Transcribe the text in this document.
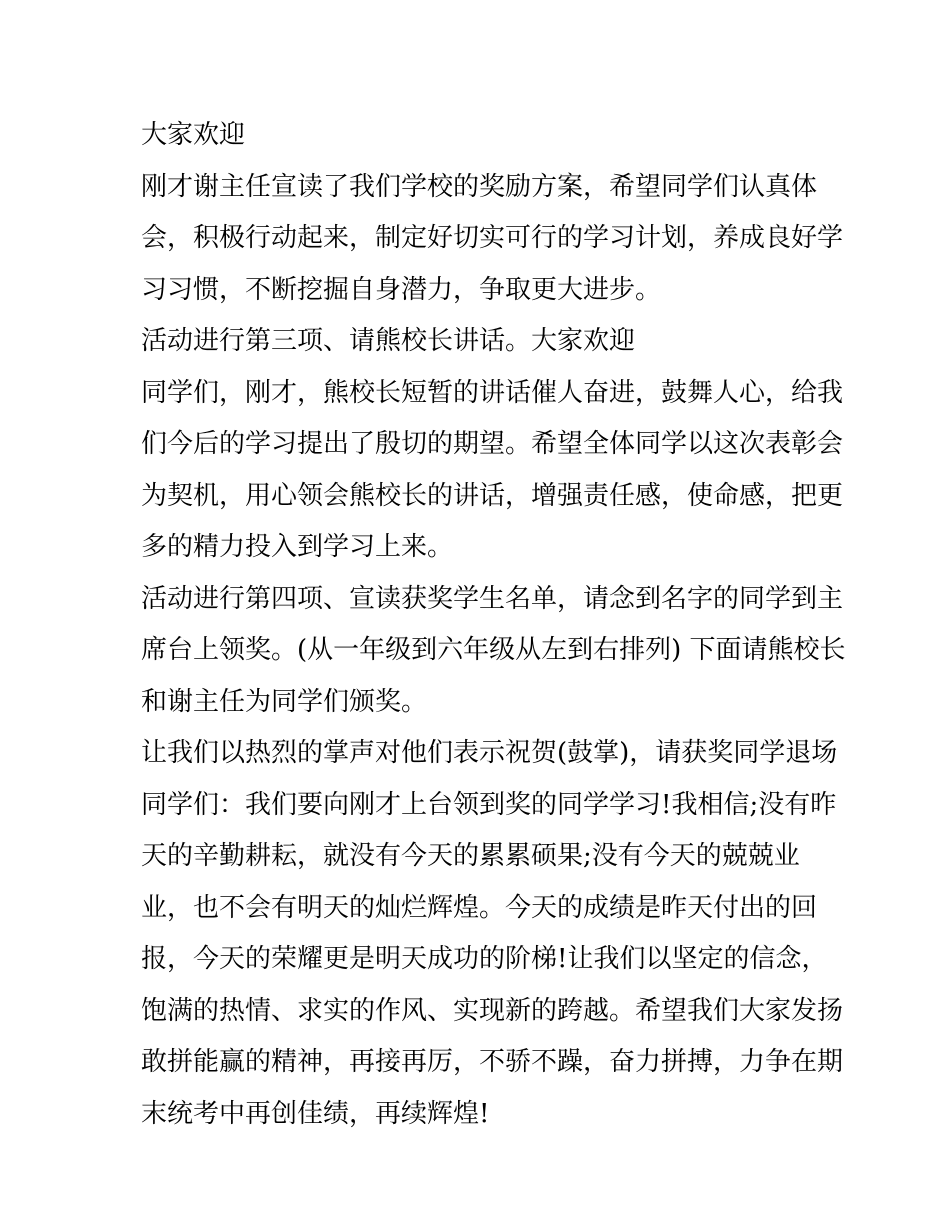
大家欢迎
刚才谢主任宣读了我们学校的奖励方案，希望同学们认真体
会，积极行动起来，制定好切实可行的学习计划，养成良好学
习习惯，不断挖掘自身潜力，争取更大进步。
活动进行第三项、请熊校长讲话。大家欢迎
同学们，刚才，熊校长短暂的讲话催人奋进，鼓舞人心，给我
们今后的学习提出了殷切的期望。希望全体同学以这次表彰会
为契机，用心领会熊校长的讲话，增强责任感，使命感，把更
多的精力投入到学习上来。
活动进行第四项、宣读获奖学生名单，请念到名字的同学到主
席台上领奖。(从一年级到六年级从左到右排列) 下面请熊校长
和谢主任为同学们颁奖。
让我们以热烈的掌声对他们表示祝贺(鼓掌)，请获奖同学退场
同学们：我们要向刚才上台领到奖的同学学习!我相信;没有昨
天的辛勤耕耘，就没有今天的累累硕果;没有今天的兢兢业
业，也不会有明天的灿烂辉煌。今天的成绩是昨天付出的回
报，今天的荣耀更是明天成功的阶梯!让我们以坚定的信念，
饱满的热情、求实的作风、实现新的跨越。希望我们大家发扬
敢拼能赢的精神，再接再厉，不骄不躁，奋力拼搏，力争在期
末统考中再创佳绩，再续辉煌!
